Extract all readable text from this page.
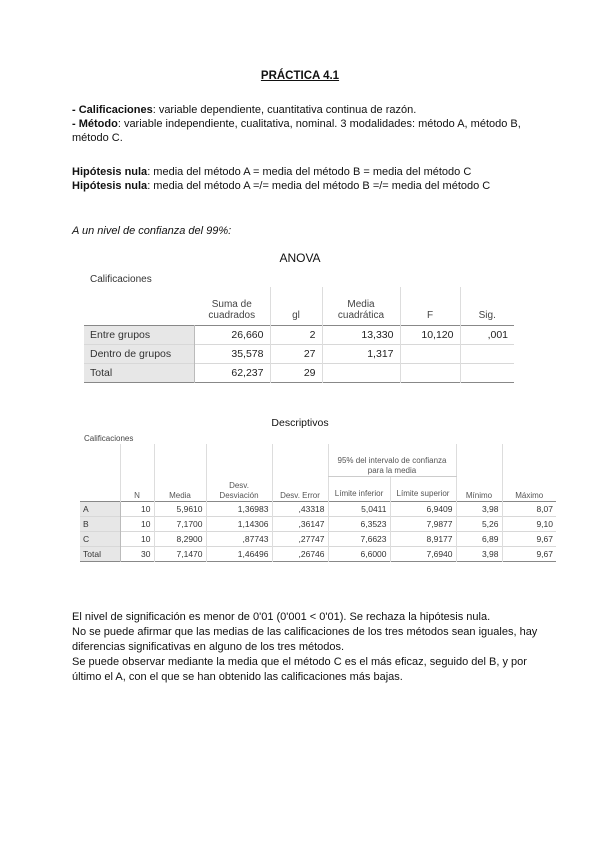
PRÁCTICA 4.1
- Calificaciones: variable dependiente, cuantitativa continua de razón.
- Método: variable independiente, cualitativa, nominal. 3 modalidades: método A, método B, método C.
Hipótesis nula: media del método A = media del método B = media del método C
Hipótesis nula: media del método A =/= media del método B =/= media del método C
A un nivel de confianza del 99%:
ANOVA
Calificaciones
	Suma de cuadrados	gl	Media cuadrática	F	Sig.
Entre grupos	26,660	2	13,330	10,120	,001
Dentro de grupos	35,578	27	1,317		
Total	62,237	29			
Descriptivos
Calificaciones
	N	Media	Desv. Desviación	Desv. Error	95% del intervalo de confianza para la media		Mínimo	Máximo
					Límite inferior	Límite superior		
A	10	5,9610	1,36983	,43318	5,0411	6,9409	3,98	8,07
B	10	7,1700	1,14306	,36147	6,3523	7,9877	5,26	9,10
C	10	8,2900	,87743	,27747	7,6623	8,9177	6,89	9,67
Total	30	7,1470	1,46496	,26746	6,6000	7,6940	3,98	9,67
El nivel de significación es menor de 0'01 (0'001 < 0'01). Se rechaza la hipótesis nula.
No se puede afirmar que las medias de las calificaciones de los tres métodos sean iguales, hay diferencias significativas en alguno de los tres métodos.
Se puede observar mediante la media que el método C es el más eficaz, seguido del B, y por último el A, con el que se han obtenido las calificaciones más bajas.
